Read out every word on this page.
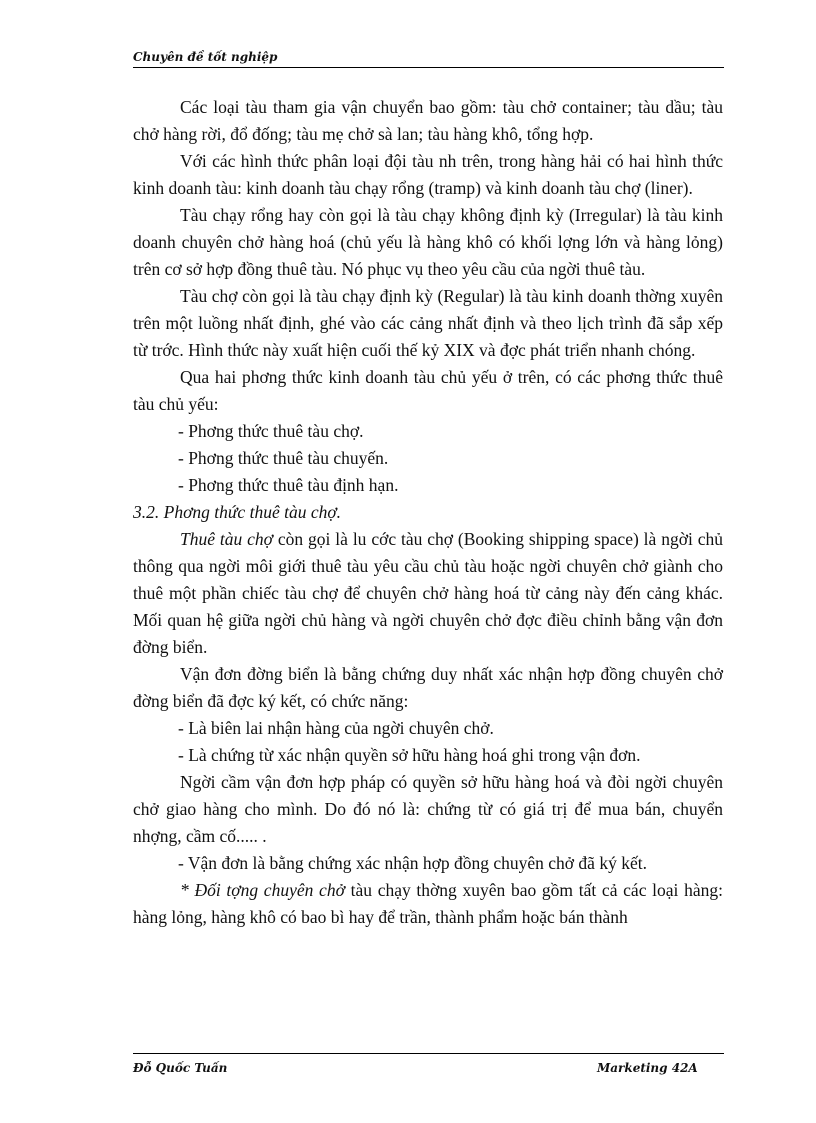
Chuyên đề tốt nghiệp

Các loại tàu tham gia vận chuyển bao gồm: tàu chở container; tàu dầu; tàu chở hàng rời, đổ đống; tàu mẹ chở sà lan; tàu hàng khô, tổng hợp.

Với các hình thức phân loại đội tàu nh trên, trong hàng hải có hai hình thức kinh doanh tàu: kinh doanh tàu chạy rổng (tramp) và kinh doanh tàu chợ (liner).

Tàu chạy rổng hay còn gọi là tàu chạy không định kỳ (Irregular) là tàu kinh doanh chuyên chở hàng hoá (chủ yếu là hàng khô có khối lợng lớn và hàng lỏng) trên cơ sở hợp đồng thuê tàu. Nó phục vụ theo yêu cầu của ngời thuê tàu.

Tàu chợ còn gọi là tàu chạy định kỳ (Regular) là tàu kinh doanh thờng xuyên trên một luồng nhất định, ghé vào các cảng nhất định và theo lịch trình đã sắp xếp từ trớc. Hình thức này xuất hiện cuối thế kỷ XIX và đợc phát triển nhanh chóng.

Qua hai phơng thức kinh doanh tàu chủ yếu ở trên, có các phơng thức thuê tàu chủ yếu:

- Phơng thức thuê tàu chợ.

- Phơng thức thuê tàu chuyến.

- Phơng thức thuê tàu định hạn.

3.2. Phơng thức thuê tàu chợ.

Thuê tàu chợ còn gọi là lu cớc tàu chợ (Booking shipping space) là ngời chủ thông qua ngời môi giới thuê tàu yêu cầu chủ tàu hoặc ngời chuyên chở giành cho thuê một phần chiếc tàu chợ để chuyên chở hàng hoá từ cảng này đến cảng khác. Mối quan hệ giữa ngời chủ hàng và ngời chuyên chở đợc điều chỉnh bằng vận đơn đờng biển.

Vận đơn đờng biển là bằng chứng duy nhất xác nhận hợp đồng chuyên chở đờng biển đã đợc ký kết, có chức năng:

- Là biên lai nhận hàng của ngời chuyên chở.

- Là chứng từ xác nhận quyền sở hữu hàng hoá ghi trong vận đơn.

Ngời cầm vận đơn hợp pháp có quyền sở hữu hàng hoá và đòi ngời chuyên chở giao hàng cho mình. Do đó nó là: chứng từ có giá trị để mua bán, chuyển nhợng, cầm cố..... .

- Vận đơn là bằng chứng xác nhận hợp đồng chuyên chở đã ký kết.

* Đối tợng chuyên chở tàu chạy thờng xuyên bao gồm tất cả các loại hàng: hàng lỏng, hàng khô có bao bì hay để trần, thành phẩm hoặc bán thành

Đỗ Quốc Tuấn	Marketing 42A
